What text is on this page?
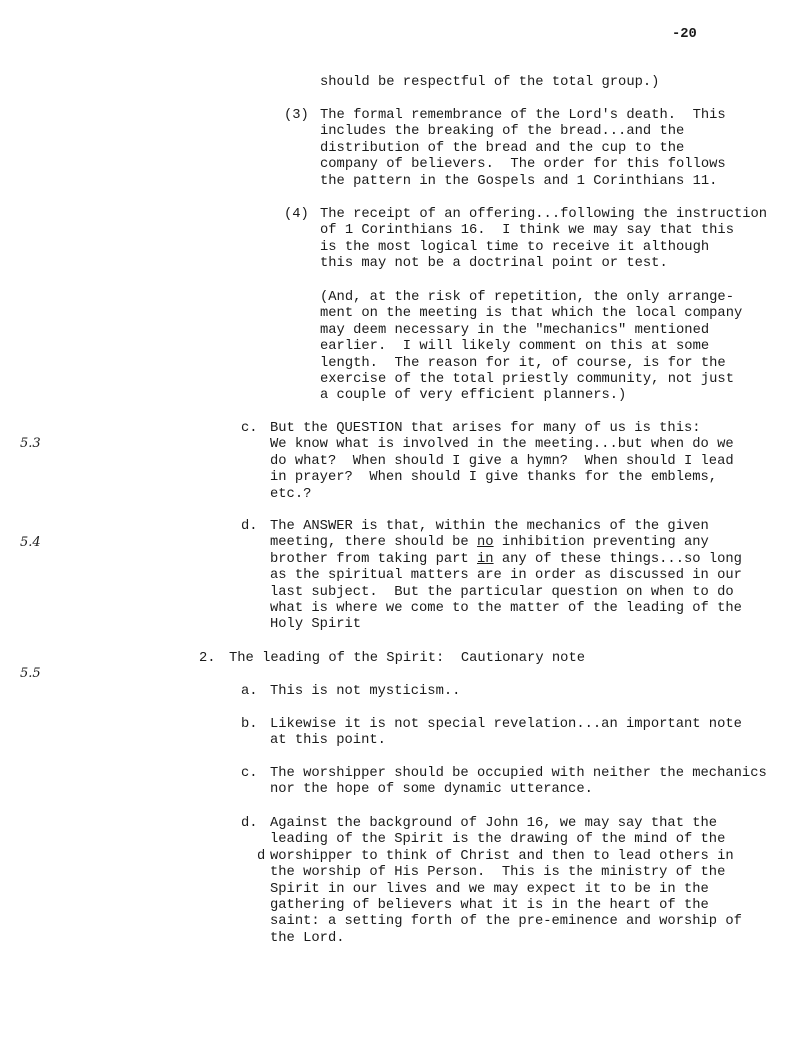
-20
5.3
5.4
5.5
should be respectful of the total group.)
(3) The formal remembrance of the Lord's death.  This
includes the breaking of the bread...and the
distribution of the bread and the cup to the
company of believers.  The order for this follows
the pattern in the Gospels and 1 Corinthians 11.
(4) The receipt of an offering...following the instruction
of 1 Corinthians 16.  I think we may say that this
is the most logical time to receive it although
this may not be a doctrinal point or test.
(And, at the risk of repetition, the only arrange-
ment on the meeting is that which the local company
may deem necessary in the "mechanics" mentioned
earlier.  I will likely comment on this at some
length.  The reason for it, of course, is for the
exercise of the total priestly community, not just
a couple of very efficient planners.)
c. But the QUESTION that arises for many of us is this:
We know what is involved in the meeting...but when do we
do what?  When should I give a hymn?  When should I lead
in prayer?  When should I give thanks for the emblems,
etc.?
d. The ANSWER is that, within the mechanics of the given
meeting, there should be no inhibition preventing any
brother from taking part in any of these things...so long
as the spiritual matters are in order as discussed in our
last subject.  But the particular question on when to do
what is where we come to the matter of the leading of the
Holy Spirit
2. The leading of the Spirit:  Cautionary note
a. This is not mysticism..
b. Likewise it is not special revelation...an important note
at this point.
c. The worshipper should be occupied with neither the mechanics
nor the hope of some dynamic utterance.
d.
d
Against the background of John 16, we may say that the
leading of the Spirit is the drawing of the mind of the
worshipper to think of Christ and then to lead others in
the worship of His Person.  This is the ministry of the
Spirit in our lives and we may expect it to be in the
gathering of believers what it is in the heart of the
saint: a setting forth of the pre-eminence and worship of
the Lord.
